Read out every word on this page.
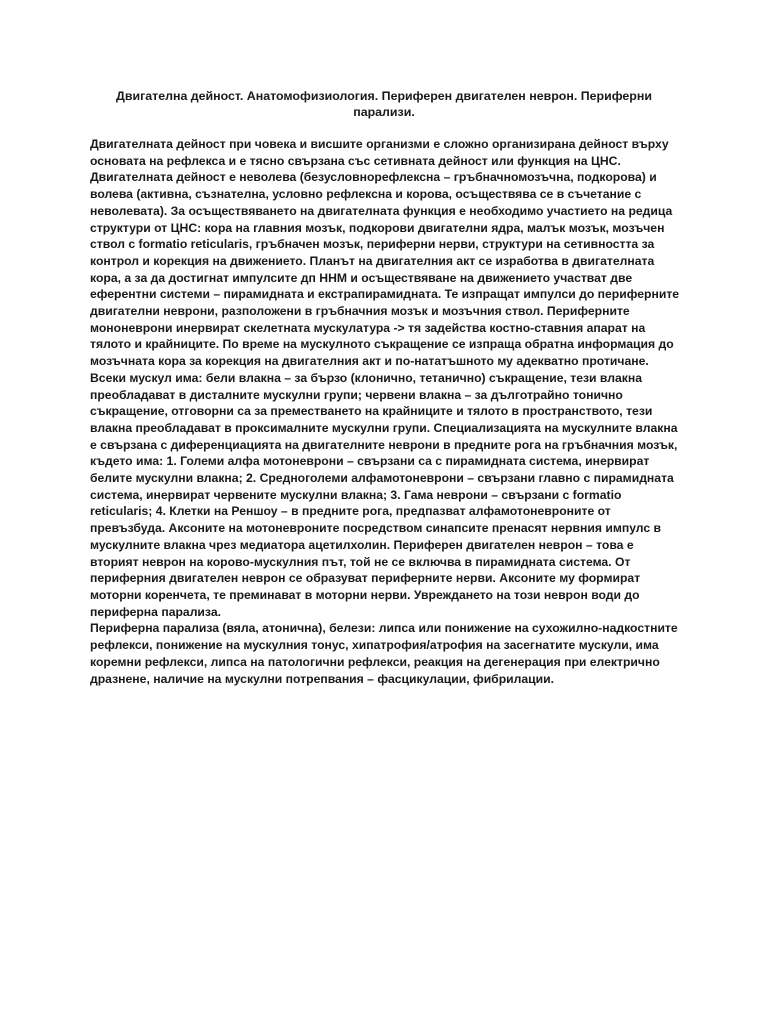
Двигателна дейност. Анатомофизиология. Периферен двигателен неврон. Периферни парализи.

Двигателната дейност при човека и висшите организми е сложно организирана дейност върху основата на рефлекса и е тясно свързана със сетивната дейност или функция на ЦНС. Двигателната дейност е неволева (безусловнорефлексна – гръбначномозъчна, подкорова) и волева (активна, съзнателна, условно рефлексна и корова, осъществява се в съчетание с неволевата). За осъществяването на двигателната функция е необходимо участието на редица структури от ЦНС: кора на главния мозък, подкорови двигателни ядра, малък мозък, мозъчен ствол с formatio reticularis, гръбначен мозък, периферни нерви, структури на сетивността за контрол и корекция на движението. Планът на двигателния акт се изработва в двигателната кора, а за да достигнат импулсите дп ННМ и осъществяване на движението участват две еферентни системи – пирамидната и екстрапирамидната. Те изпращат импулси до периферните двигателни неврони, разположени в гръбначния мозък и мозъчния ствол. Периферните мононеврони инервират скелетната мускулатура -> тя задейства костно-ставния апарат на тялото и крайниците. По време на мускулното съкращение се изпраща обратна информация до мозъчната кора за корекция на двигателния акт и по-нататъшното му адекватно протичане. Всеки мускул има: бели влакна – за бързо (клонично, тетанично) съкращение, тези влакна преобладават в дисталните мускулни групи; червени влакна – за дълготрайно тонично съкращение, отговорни са за преместването на крайниците и тялото в пространството, тези влакна преобладават в проксималните мускулни групи. Специализацията на мускулните влакна е свързана с диференциацията на двигателните неврони в предните рога на гръбначния мозък, където има: 1. Големи алфа мотоневрони – свързани са с пирамидната система, инервират белите мускулни влакна; 2. Средноголеми алфамотоневрони – свързани главно с пирамидната система, инервират червените мускулни влакна; 3. Гама неврони – свързани с formatio reticularis; 4. Клетки на Реншоу – в предните рога, предпазват алфамотоневроните от превъзбуда. Аксоните на мотоневроните посредством синапсите пренасят нервния импулс в мускулните влакна чрез медиатора ацетилхолин. Периферен двигателен неврон – това е вторият неврон на корово-мускулния път, той не се включва в пирамидната система. От периферния двигателен неврон се образуват периферните нерви. Аксоните му формират моторни коренчета, те преминават в моторни нерви. Увреждането на този неврон води до периферна парализа.

Периферна парализа (вяла, атонична), белези: липса или понижение на сухожилно-надкостните рефлекси, понижение на мускулния тонус, хипатрофия/атрофия на засегнатите мускули, има коремни рефлекси, липса на патологични рефлекси, реакция на дегенерация при електрично дразнене, наличие на мускулни потрепвания – фасцикулации, фибрилации.
